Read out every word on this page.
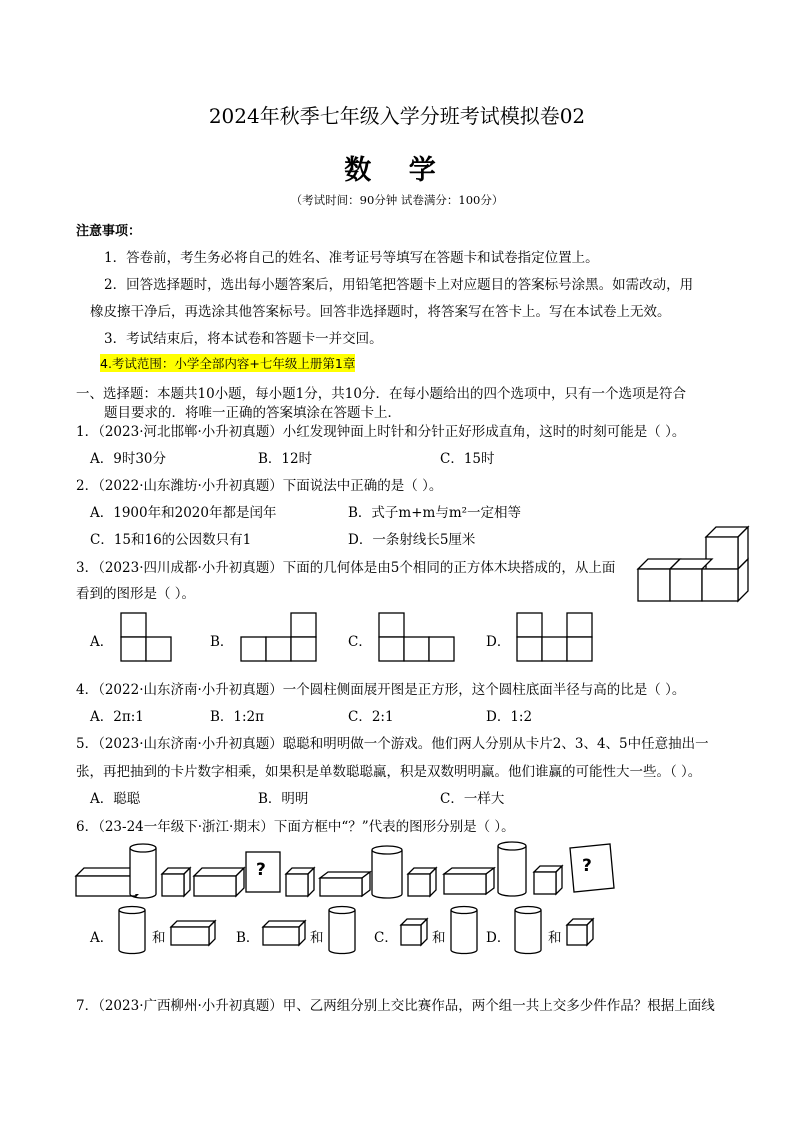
2024年秋季七年级入学分班考试模拟卷02
数 学
（考试时间：90分钟 试卷满分：100分）
注意事项：
1．答卷前，考生务必将自己的姓名、准考证号等填写在答题卡和试卷指定位置上。
2．回答选择题时，选出每小题答案后，用铅笔把答题卡上对应题目的答案标号涂黑。如需改动，用
橡皮擦干净后，再选涂其他答案标号。回答非选择题时，将答案写在答卡上。写在本试卷上无效。
3．考试结束后，将本试卷和答题卡一并交回。
4.考试范围：小学全部内容+七年级上册第1章
一、选择题：本题共10小题，每小题1分，共10分．在每小题给出的四个选项中，只有一个选项是符合
题目要求的．将唯一正确的答案填涂在答题卡上．
1．（2023·河北邯郸·小升初真题）小红发现钟面上时针和分针正好形成直角，这时的时刻可能是（ ）。
A．9时30分	B．12时	C．15时
2．（2022·山东潍坊·小升初真题）下面说法中正确的是（ ）。
A．1900年和2020年都是闰年	B．式子m+m与m²一定相等
C．15和16的公因数只有1	D．一条射线长5厘米
3．（2023·四川成都·小升初真题）下面的几何体是由5个相同的正方体木块搭成的，从上面
看到的图形是（ ）。
A．	B．	C．	D．
4．（2022·山东济南·小升初真题）一个圆柱侧面展开图是正方形，这个圆柱底面半径与高的比是（ ）。
A．2π:1	B．1:2π	C．2:1	D．1:2
5．（2023·山东济南·小升初真题）聪聪和明明做一个游戏。他们两人分别从卡片2、3、4、5中任意抽出一
张，再把抽到的卡片数字相乘，如果积是单数聪聪赢，积是双数明明赢。他们谁赢的可能性大一些。（ ）。
A．聪聪	B．明明	C．一样大
6．（23-24一年级下·浙江·期末）下面方框中“？”代表的图形分别是（ ）。
?	?
A．	和	B．	和	C．	和	D．	和
7．（2023·广西柳州·小升初真题）甲、乙两组分别上交比赛作品，两个组一共上交多少件作品？根据上面线
